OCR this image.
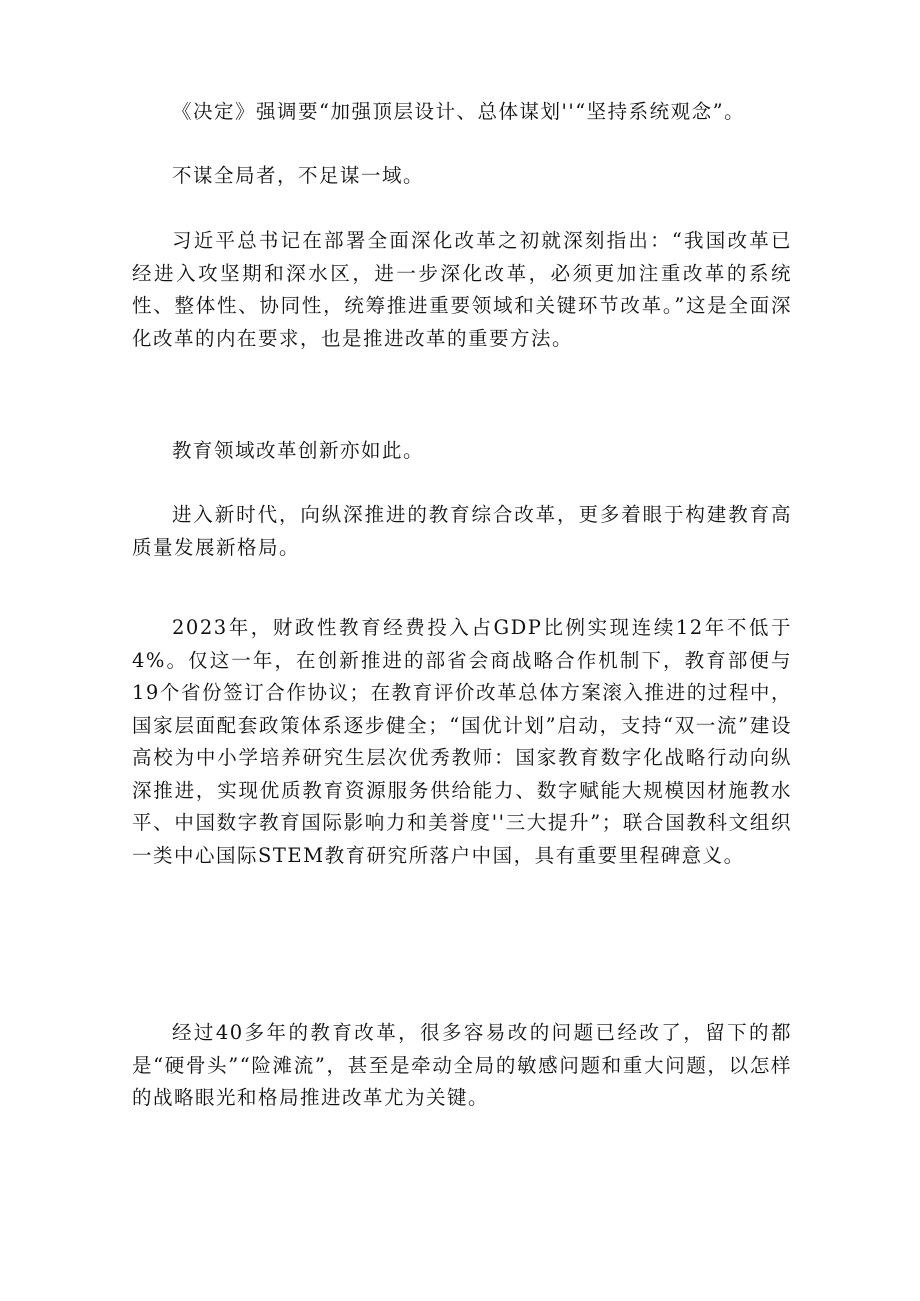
《决定》强调要“加强顶层设计、总体谋划''“坚持系统观念”。

不谋全局者，不足谋一域。

习近平总书记在部署全面深化改革之初就深刻指出：“我国改革已经进入攻坚期和深水区，进一步深化改革，必须更加注重改革的系统性、整体性、协同性，统筹推进重要领域和关键环节改革。”这是全面深化改革的内在要求，也是推进改革的重要方法。

教育领域改革创新亦如此。

进入新时代，向纵深推进的教育综合改革，更多着眼于构建教育高质量发展新格局。

2023年，财政性教育经费投入占GDP比例实现连续12年不低于4%。仅这一年，在创新推进的部省会商战略合作机制下，教育部便与19个省份签订合作协议；在教育评价改革总体方案滚入推进的过程中，国家层面配套政策体系逐步健全；“国优计划”启动，支持“双一流”建设高校为中小学培养研究生层次优秀教师：国家教育数字化战略行动向纵深推进，实现优质教育资源服务供给能力、数字赋能大规模因材施教水平、中国数字教育国际影响力和美誉度''三大提升”；联合国教科文组织一类中心国际STEM教育研究所落户中国，具有重要里程碑意义。

经过40多年的教育改革，很多容易改的问题已经改了，留下的都是“硬骨头”“险滩流”，甚至是牵动全局的敏感问题和重大问题，以怎样的战略眼光和格局推进改革尤为关键。
